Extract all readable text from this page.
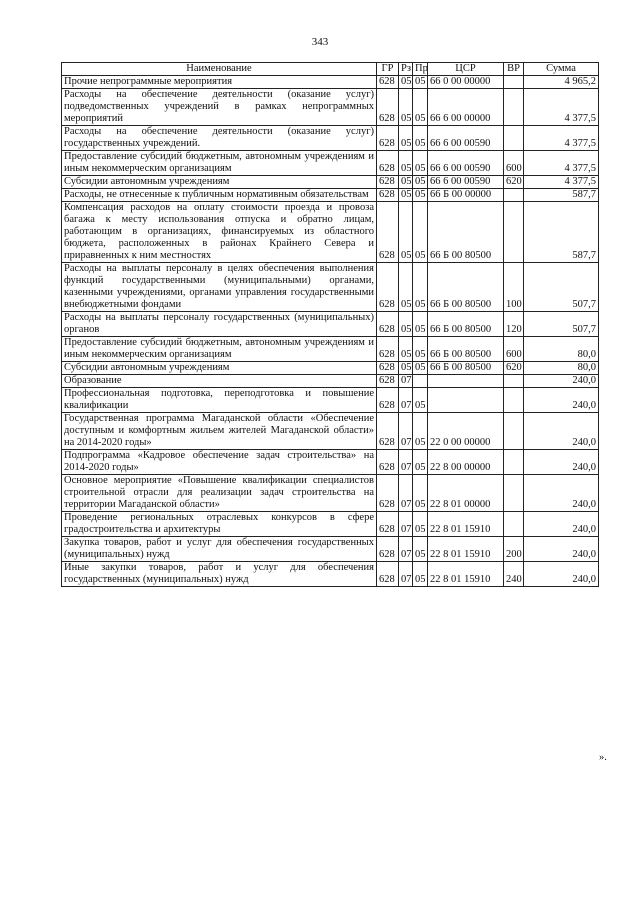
343
Наименование	ГР	Рз	Пр	ЦСР	ВР	Сумма
Прочие непрограммные мероприятия	628	05	05	66 0 00 00000		4 965,2
Расходы на обеспечение деятельности (оказание услуг) подведомственных учреждений в рамках непрограммных мероприятий	628	05	05	66 6 00 00000		4 377,5
Расходы на обеспечение деятельности (оказание услуг) государственных учреждений.	628	05	05	66 6 00 00590		4 377,5
Предоставление субсидий бюджетным, автономным учреждениям и иным некоммерческим организациям	628	05	05	66 6 00 00590	600	4 377,5
Субсидии автономным учреждениям	628	05	05	66 6 00 00590	620	4 377,5
Расходы, не отнесенные к публичным нормативным обязательствам	628	05	05	66 Б 00 00000		587,7
Компенсация расходов на оплату стоимости проезда и провоза багажа к месту использования отпуска и обратно лицам, работающим в организациях, финансируемых из областного бюджета, расположенных в районах Крайнего Севера и приравненных к ним местностях	628	05	05	66 Б 00 80500		587,7
Расходы на выплаты персоналу в целях обеспечения выполнения функций государственными (муниципальными) органами, казенными учреждениями, органами управления государственными внебюджетными фондами	628	05	05	66 Б 00 80500	100	507,7
Расходы на выплаты персоналу государственных (муниципальных) органов	628	05	05	66 Б 00 80500	120	507,7
Предоставление субсидий бюджетным, автономным учреждениям и иным некоммерческим организациям	628	05	05	66 Б 00 80500	600	80,0
Субсидии автономным учреждениям	628	05	05	66 Б 00 80500	620	80,0
Образование	628	07				240,0
Профессиональная подготовка, переподготовка и повышение квалификации	628	07	05			240,0
Государственная программа Магаданской области «Обеспечение доступным и комфортным жильем жителей Магаданской области» на 2014-2020 годы»	628	07	05	22 0 00 00000		240,0
Подпрограмма «Кадровое обеспечение задач строительства» на 2014-2020 годы»	628	07	05	22 8 00 00000		240,0
Основное мероприятие «Повышение квалификации специалистов строительной отрасли для реализации задач строительства на территории Магаданской области»	628	07	05	22 8 01 00000		240,0
Проведение региональных отраслевых конкурсов в сфере градостроительства и архитектуры	628	07	05	22 8 01 15910		240,0
Закупка товаров, работ и услуг для обеспечения государственных (муниципальных) нужд	628	07	05	22 8 01 15910	200	240,0
Иные закупки товаров, работ и услуг для обеспечения государственных (муниципальных) нужд	628	07	05	22 8 01 15910	240	240,0
».
